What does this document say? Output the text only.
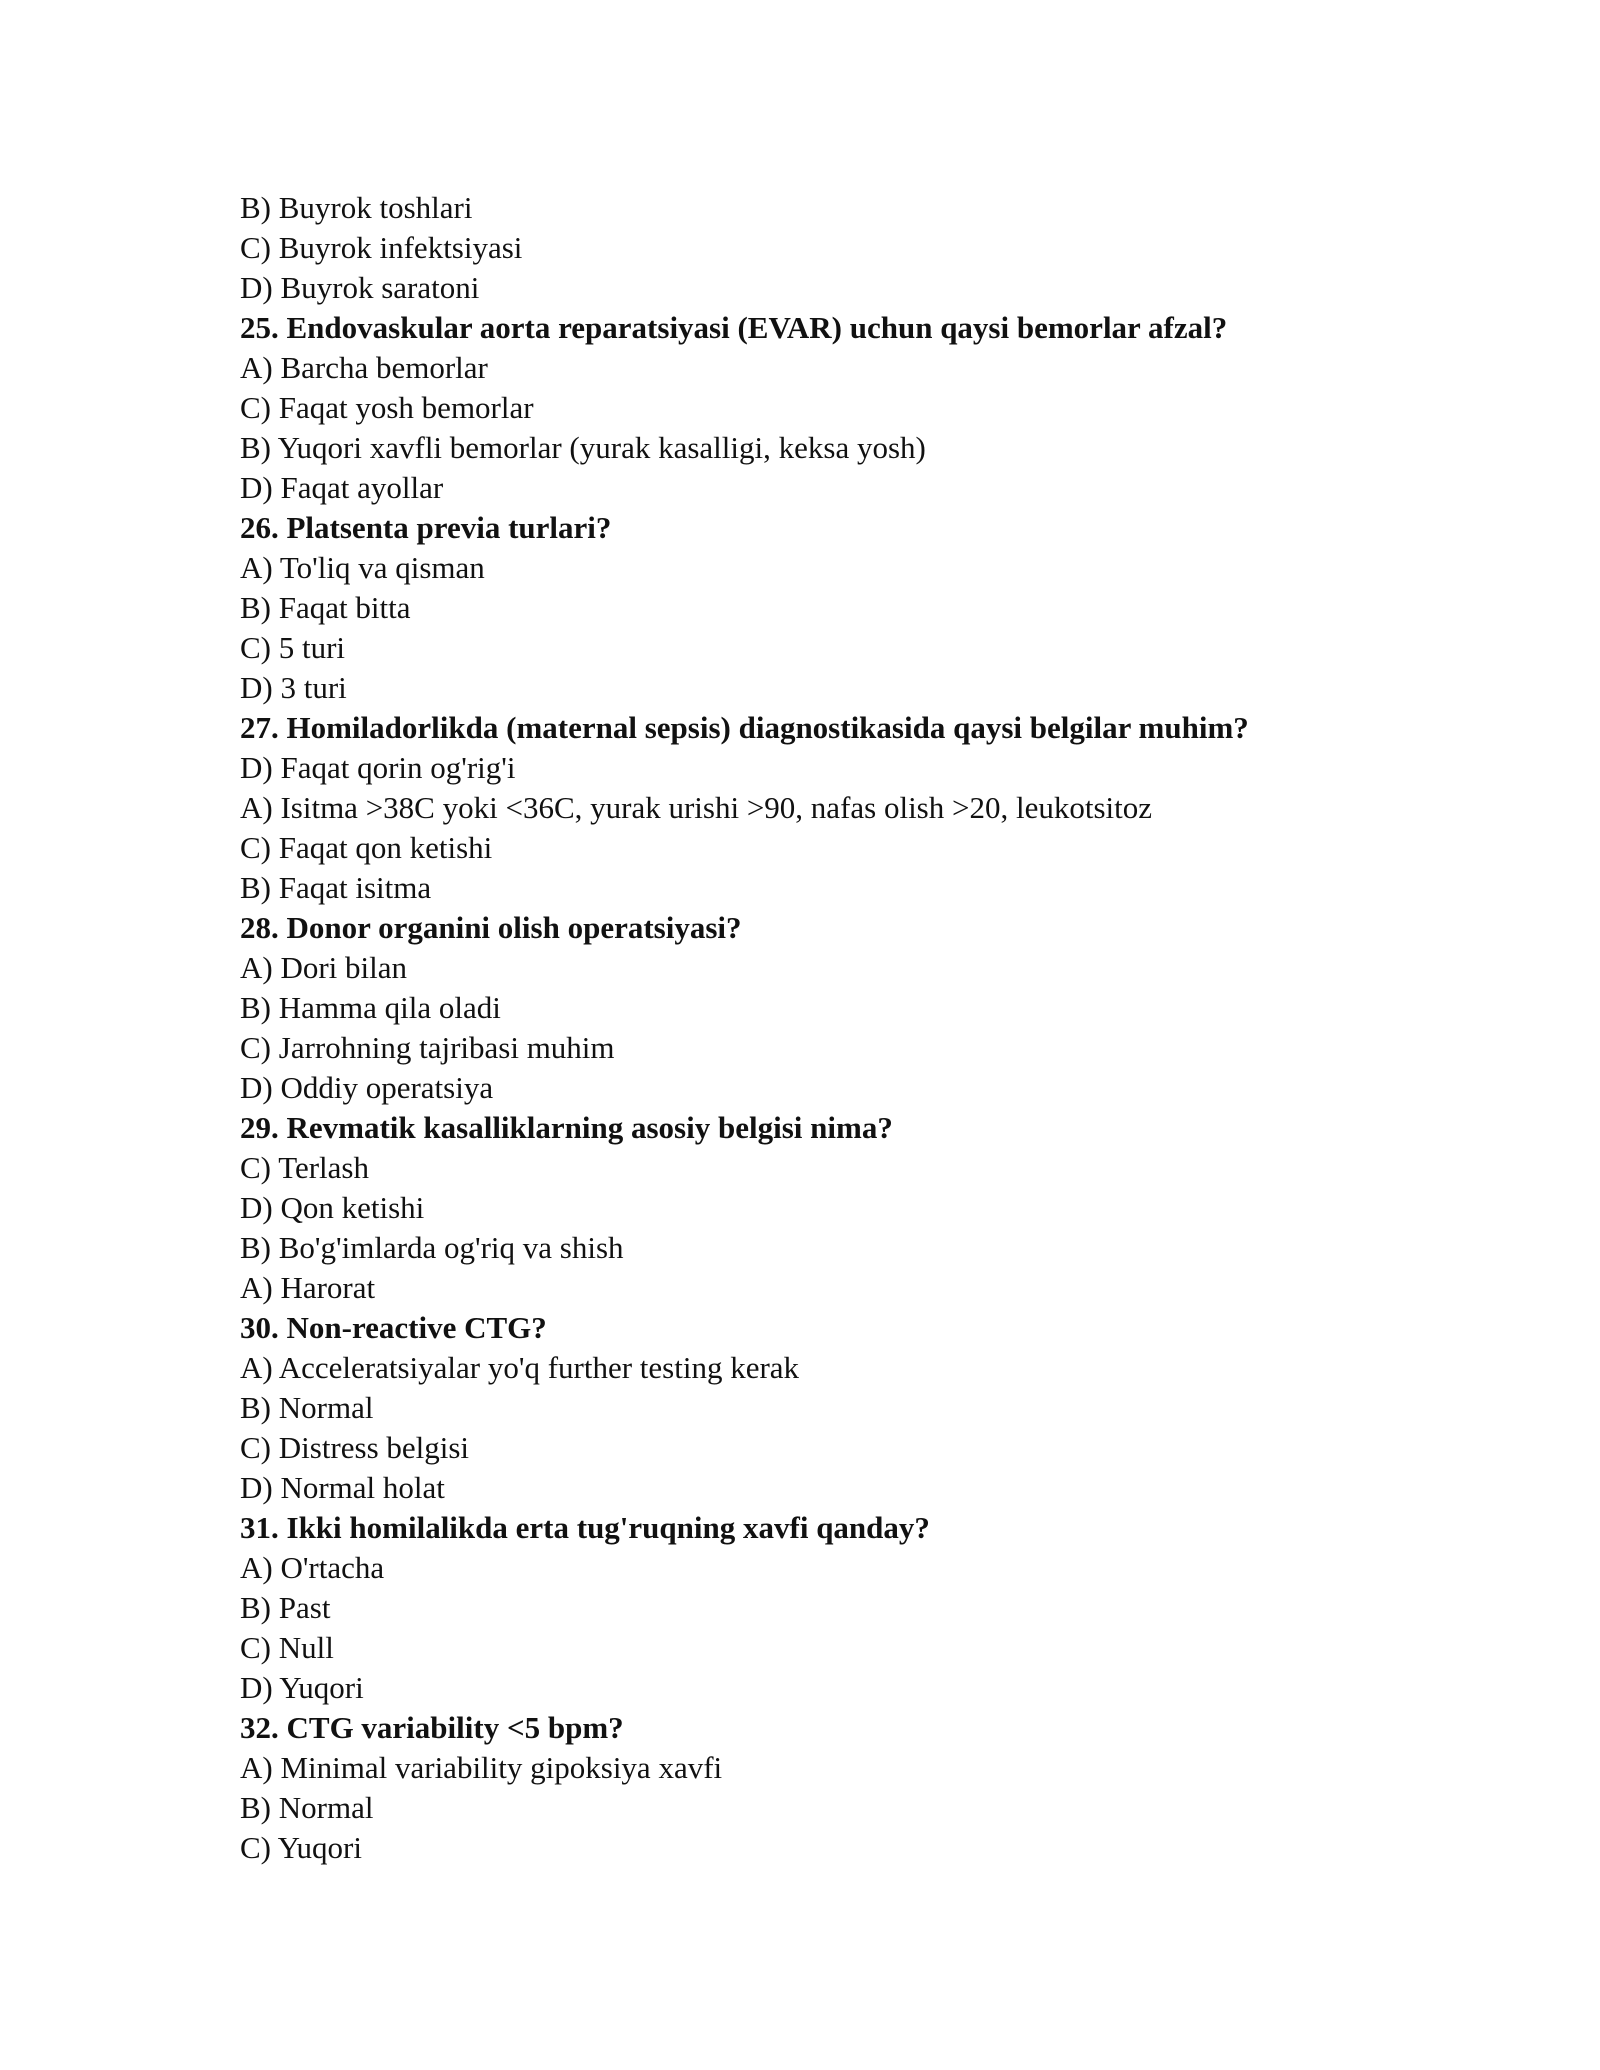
B) Buyrok toshlari
C) Buyrok infektsiyasi
D) Buyrok saratoni
25. Endovaskular aorta reparatsiyasi (EVAR) uchun qaysi bemorlar afzal?
A) Barcha bemorlar
C) Faqat yosh bemorlar
B) Yuqori xavfli bemorlar (yurak kasalligi, keksa yosh)
D) Faqat ayollar
26. Platsenta previa turlari?
A) To'liq va qisman
B) Faqat bitta
C) 5 turi
D) 3 turi
27. Homiladorlikda (maternal sepsis) diagnostikasida qaysi belgilar muhim?
D) Faqat qorin og'rig'i
A) Isitma >38C yoki <36C, yurak urishi >90, nafas olish >20, leukotsitoz
C) Faqat qon ketishi
B) Faqat isitma
28. Donor organini olish operatsiyasi?
A) Dori bilan
B) Hamma qila oladi
C) Jarrohning tajribasi muhim
D) Oddiy operatsiya
29. Revmatik kasalliklarning asosiy belgisi nima?
C) Terlash
D) Qon ketishi
B) Bo'g'imlarda og'riq va shish
A) Harorat
30. Non-reactive CTG?
A) Acceleratsiyalar yo'q further testing kerak
B) Normal
C) Distress belgisi
D) Normal holat
31. Ikki homilalikda erta tug'ruqning xavfi qanday?
A) O'rtacha
B) Past
C) Null
D) Yuqori
32. CTG variability <5 bpm?
A) Minimal variability gipoksiya xavfi
B) Normal
C) Yuqori
